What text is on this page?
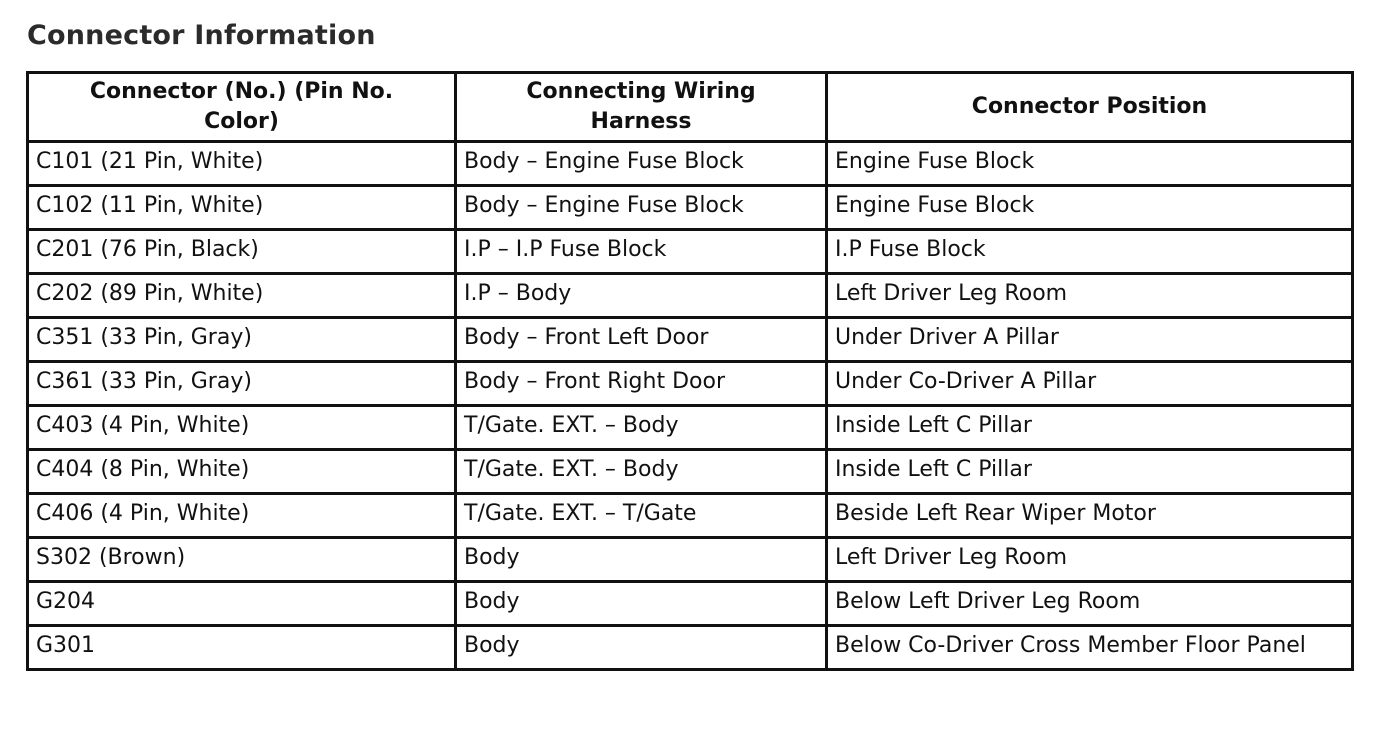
Connector Information
Connector (No.) (Pin No. Color)	Connecting Wiring Harness	Connector Position
C101 (21 Pin, White)	Body – Engine Fuse Block	Engine Fuse Block
C102 (11 Pin, White)	Body – Engine Fuse Block	Engine Fuse Block
C201 (76 Pin, Black)	I.P – I.P Fuse Block	I.P Fuse Block
C202 (89 Pin, White)	I.P – Body	Left Driver Leg Room
C351 (33 Pin, Gray)	Body – Front Left Door	Under Driver A Pillar
C361 (33 Pin, Gray)	Body – Front Right Door	Under Co-Driver A Pillar
C403 (4 Pin, White)	T/Gate. EXT. – Body	Inside Left C Pillar
C404 (8 Pin, White)	T/Gate. EXT. – Body	Inside Left C Pillar
C406 (4 Pin, White)	T/Gate. EXT. – T/Gate	Beside Left Rear Wiper Motor
S302 (Brown)	Body	Left Driver Leg Room
G204	Body	Below Left Driver Leg Room
G301	Body	Below Co-Driver Cross Member Floor Panel
